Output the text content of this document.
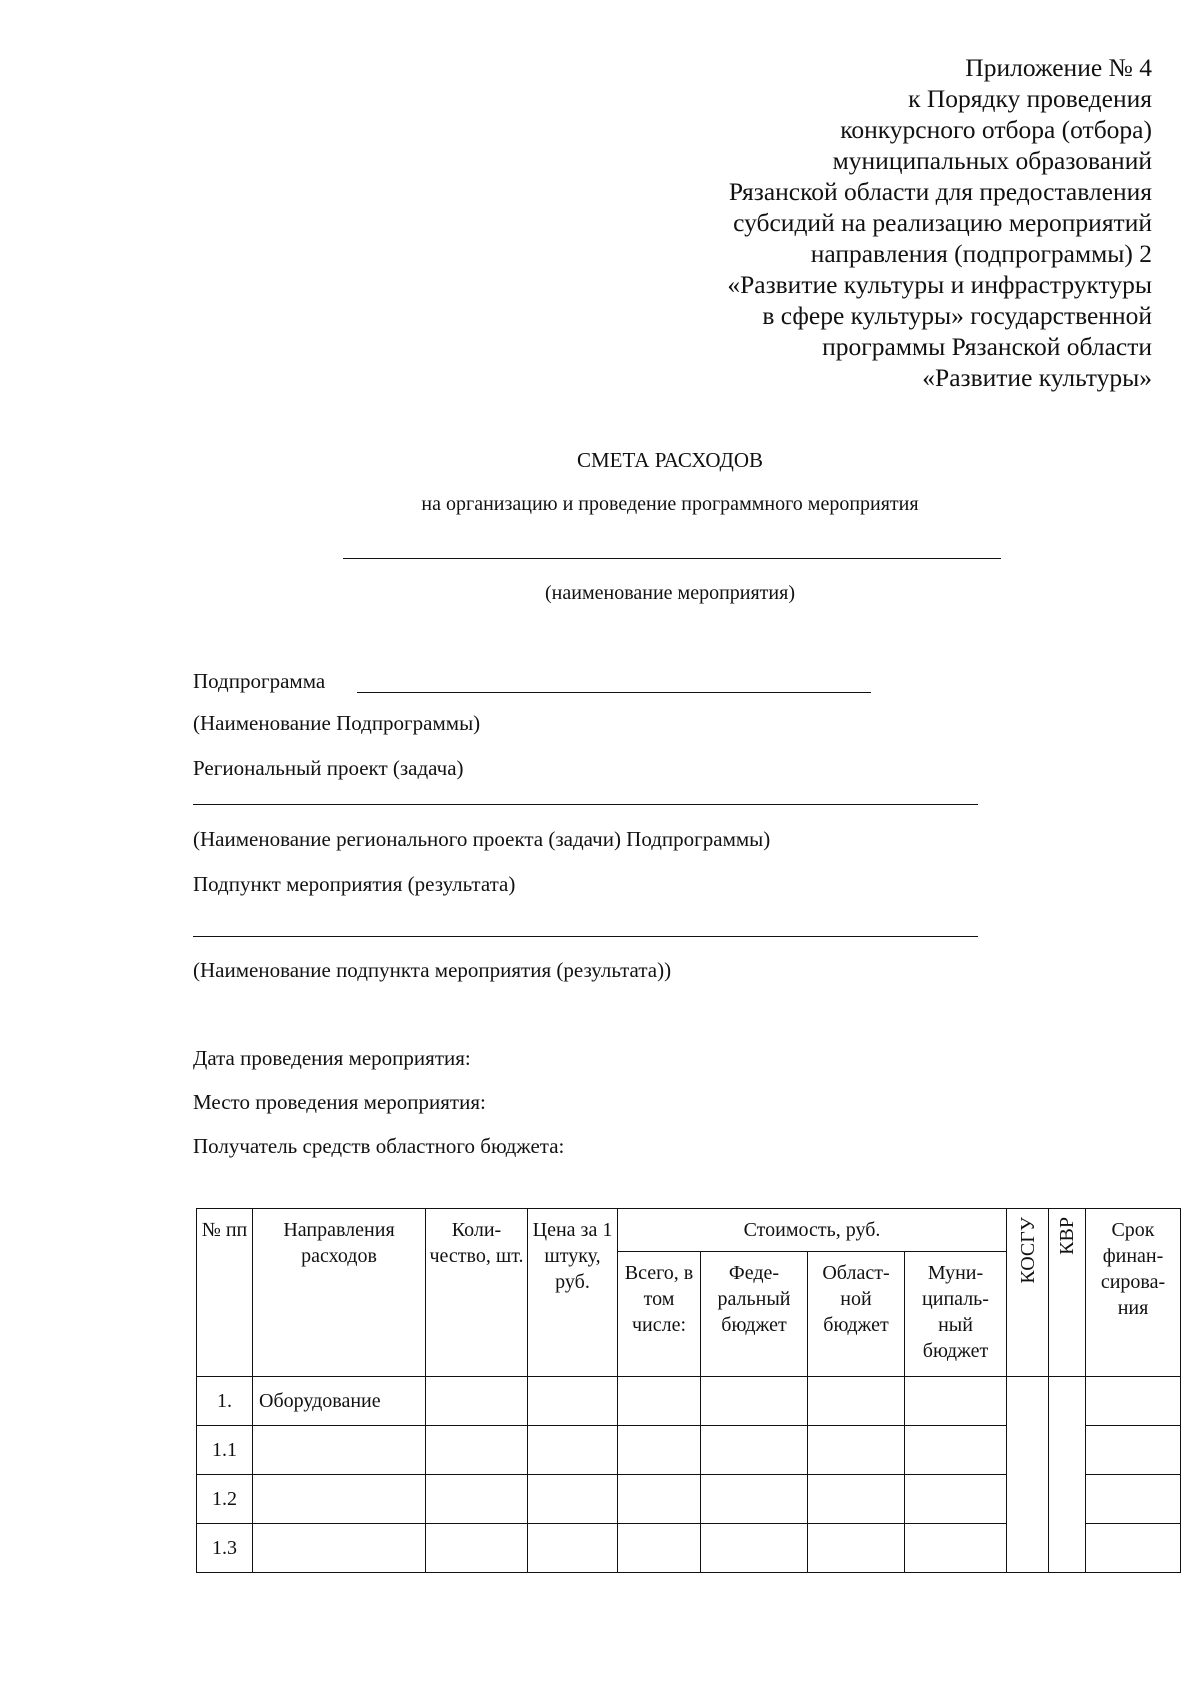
Приложение № 4
к Порядку проведения
конкурсного отбора (отбора)
муниципальных образований
Рязанской области для предоставления
субсидий на реализацию мероприятий
направления (подпрограммы) 2
«Развитие культуры и инфраструктуры
в сфере культуры» государственной
программы Рязанской области
«Развитие культуры»
СМЕТА РАСХОДОВ
на организацию и проведение программного мероприятия
(наименование мероприятия)
Подпрограмма
(Наименование Подпрограммы)
Региональный проект (задача)
(Наименование регионального проекта (задачи) Подпрограммы)
Подпункт мероприятия (результата)
(Наименование подпункта мероприятия (результата))
Дата проведения мероприятия:
Место проведения мероприятия:
Получатель средств областного бюджета:
№ пп	Направления расходов	Коли-чество, шт.	Цена за 1 штуку, руб.	Стоимость, руб.				КОСГУ	КВР	Срок финан-сирова-ния
				Всего, в том числе:	Феде-ральный бюджет	Област-ной бюджет	Муни-ципаль-ный бюджет			
1.	Оборудование									
1.1										
1.2										
1.3										
